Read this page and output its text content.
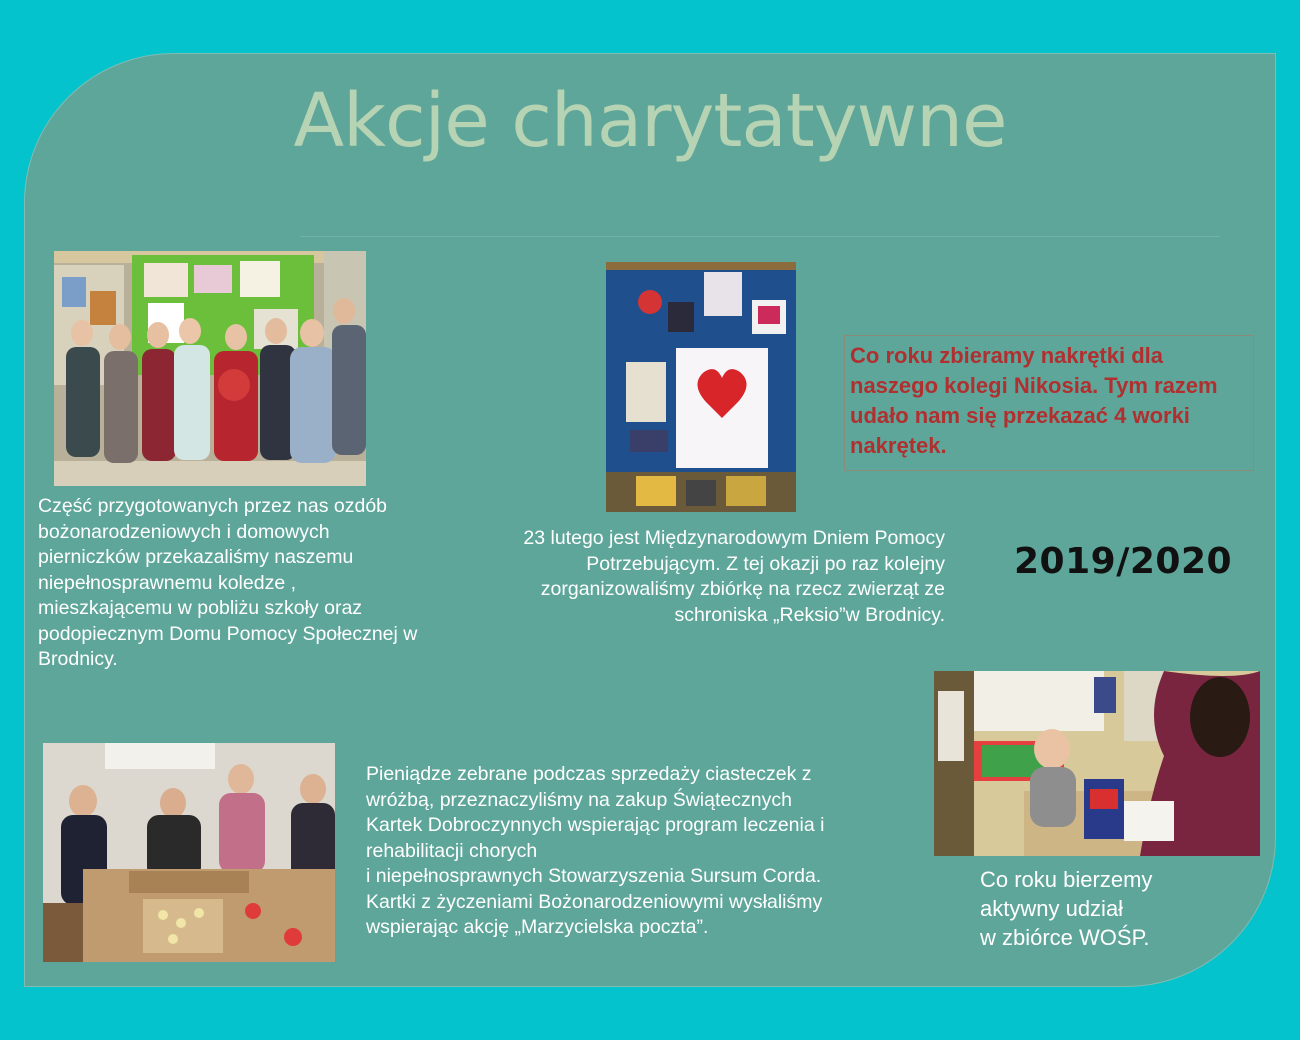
Akcje charytatywne
Część przygotowanych przez nas ozdób
bożonarodzeniowych i domowych
pierniczków przekazaliśmy naszemu
niepełnosprawnemu koledze ,
mieszkającemu w pobliżu szkoły oraz
podopiecznym Domu Pomocy Społecznej w
Brodnicy.
23 lutego jest Międzynarodowym Dniem Pomocy
Potrzebującym. Z tej okazji po raz kolejny
zorganizowaliśmy zbiórkę na rzecz zwierząt ze
schroniska „Reksio”w Brodnicy.
Co roku zbieramy nakrętki dla naszego kolegi Nikosia. Tym razem udało nam się przekazać 4 worki nakrętek.
2019/2020
Pieniądze zebrane podczas sprzedaży ciasteczek z
wróżbą, przeznaczyliśmy na zakup Świątecznych
Kartek Dobroczynnych wspierając program leczenia i
rehabilitacji chorych
i niepełnosprawnych Stowarzyszenia Sursum Corda.
Kartki z życzeniami Bożonarodzeniowymi wysłaliśmy
wspierając akcję „Marzycielska poczta”.
Co roku bierzemy
aktywny udział
w zbiórce WOŚP.
